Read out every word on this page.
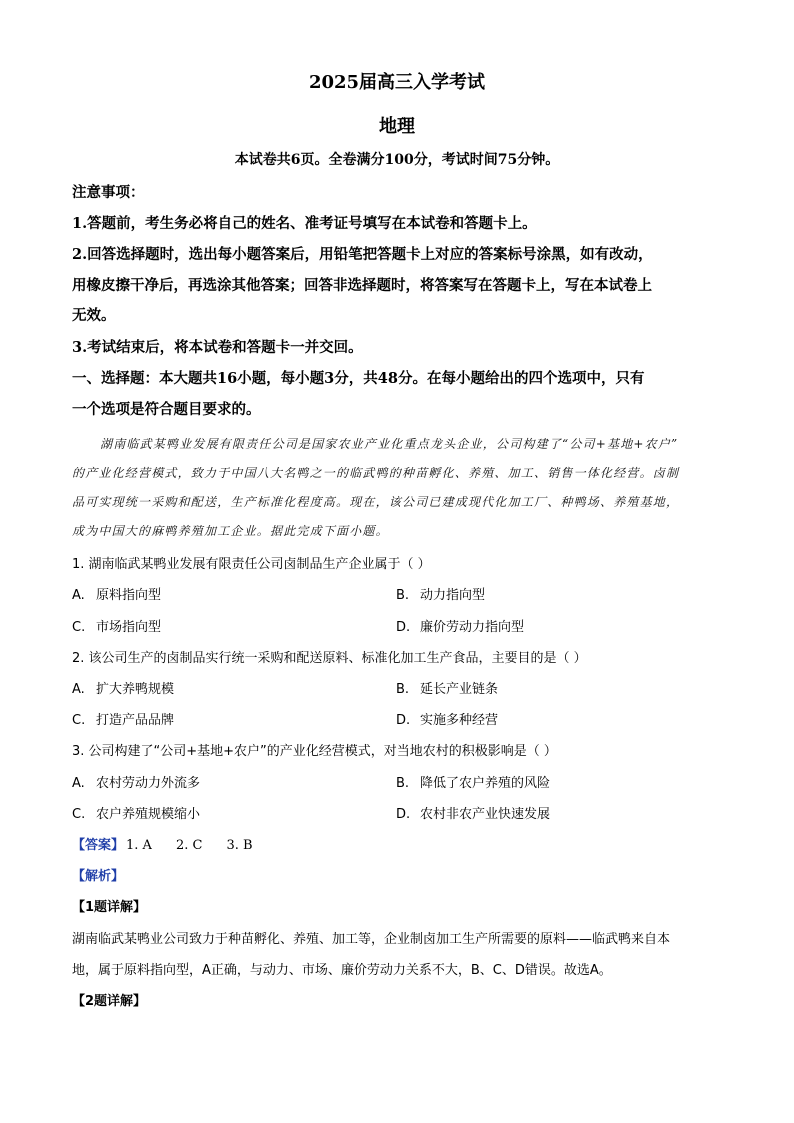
2025届高三入学考试
地理
本试卷共6页。全卷满分100分，考试时间75分钟。
注意事项：
1.答题前，考生务必将自己的姓名、准考证号填写在本试卷和答题卡上。
2.回答选择题时，选出每小题答案后，用铅笔把答题卡上对应的答案标号涂黑，如有改动，
用橡皮擦干净后，再选涂其他答案；回答非选择题时，将答案写在答题卡上，写在本试卷上
无效。
3.考试结束后，将本试卷和答题卡一并交回。
一、选择题：本大题共16小题，每小题3分，共48分。在每小题给出的四个选项中，只有
一个选项是符合题目要求的。
湖南临武某鸭业发展有限责任公司是国家农业产业化重点龙头企业，公司构建了“公司+基地+农户”
的产业化经营模式，致力于中国八大名鸭之一的临武鸭的种苗孵化、养殖、加工、销售一体化经营。卤制
品可实现统一采购和配送，生产标准化程度高。现在，该公司已建成现代化加工厂、种鸭场、养殖基地，
成为中国大的麻鸭养殖加工企业。据此完成下面小题。
1. 湖南临武某鸭业发展有限责任公司卤制品生产企业属于（ ）
A. 原料指向型	B. 动力指向型
C. 市场指向型	D. 廉价劳动力指向型
2. 该公司生产的卤制品实行统一采购和配送原料、标准化加工生产食品，主要目的是（ ）
A. 扩大养鸭规模	B. 延长产业链条
C. 打造产品品牌	D. 实施多种经营
3. 公司构建了“公司+基地+农户”的产业化经营模式，对当地农村的积极影响是（ ）
A. 农村劳动力外流多	B. 降低了农户养殖的风险
C. 农户养殖规模缩小	D. 农村非农产业快速发展
【答案】 1. A 2. C 3. B
【解析】
【1题详解】
湖南临武某鸭业公司致力于种苗孵化、养殖、加工等，企业制卤加工生产所需要的原料——临武鸭来自本
地，属于原料指向型，A正确，与动力、市场、廉价劳动力关系不大，B、C、D错误。故选A。
【2题详解】
